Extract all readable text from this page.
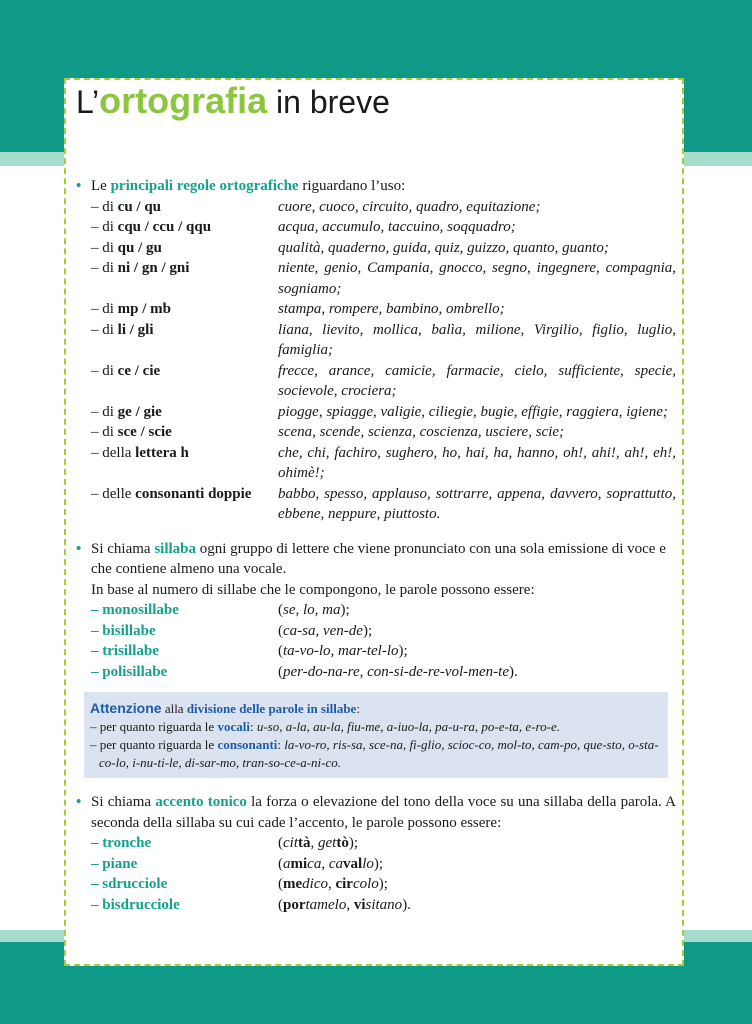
L’ortografia in breve
• Le principali regole ortografiche riguardano l’uso:
– di cu / qu	cuore, cuoco, circuito, quadro, equitazione;
– di cqu / ccu / qqu	acqua, accumulo, taccuino, soqquadro;
– di qu / gu	qualità, quaderno, guida, quiz, guizzo, quanto, guanto;
– di ni / gn / gni	niente, genio, Campania, gnocco, segno, ingegnere, compagnia, sogniamo;
– di mp / mb	stampa, rompere, bambino, ombrello;
– di li / gli	liana, lievito, mollica, balìa, milione, Virgilio, figlio, luglio, famiglia;
– di ce / cie	frecce, arance, camicie, farmacie, cielo, sufficiente, specie, socievole, crociera;
– di ge / gie	piogge, spiagge, valigie, ciliegie, bugie, effigie, raggiera, igiene;
– di sce / scie	scena, scende, scienza, coscienza, usciere, scie;
– della lettera h	che, chi, fachiro, sughero, ho, hai, ha, hanno, oh!, ahi!, ah!, eh!, ohimè!;
– delle consonanti doppie	babbo, spesso, applauso, sottrarre, appena, davvero, soprattutto, ebbene, neppure, piuttosto.
• Si chiama sillaba ogni gruppo di lettere che viene pronunciato con una sola emissione di voce e che contiene almeno una vocale.
In base al numero di sillabe che le compongono, le parole possono essere:
– monosillabe	(se, lo, ma);
– bisillabe	(ca-sa, ven-de);
– trisillabe	(ta-vo-lo, mar-tel-lo);
– polisillabe	(per-do-na-re, con-si-de-re-vol-men-te).
Attenzione alla divisione delle parole in sillabe:
– per quanto riguarda le vocali: u-so, a-la, au-la, fiu-me, a-iuo-la, pa-u-ra, po-e-ta, e-ro-e.
– per quanto riguarda le consonanti: la-vo-ro, ris-sa, sce-na, fi-glio, scioc-co, mol-to, cam-po, que-sto, o-sta-co-lo, i-nu-ti-le, di-sar-mo, tran-so-ce-a-ni-co.
• Si chiama accento tonico la forza o elevazione del tono della voce su una sillaba della parola. A seconda della sillaba su cui cade l’accento, le parole possono essere:
– tronche	(città, gettò);
– piane	(amica, cavallo);
– sdrucciole	(medico, circolo);
– bisdrucciole	(portamelo, visitano).
